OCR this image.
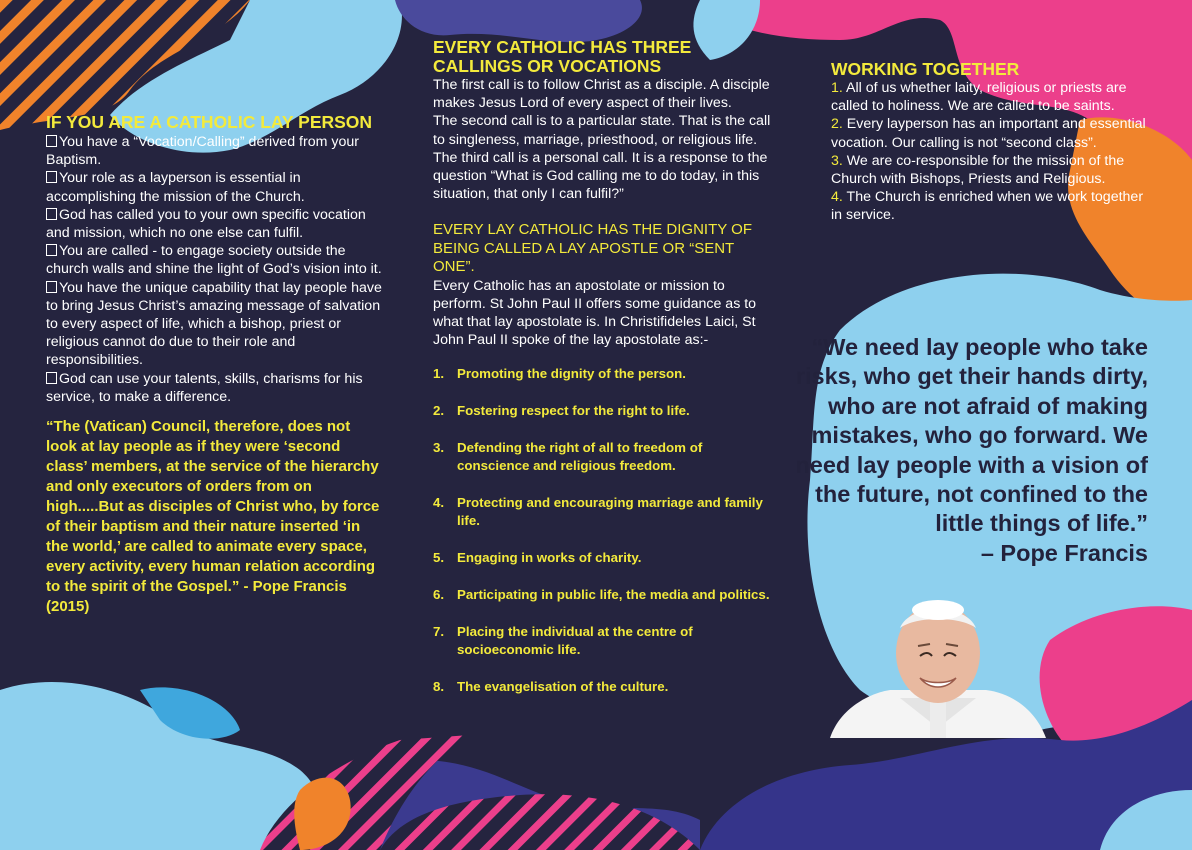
IF YOU ARE A CATHOLIC LAY PERSON
You have a “Vocation/Calling” derived from your Baptism.
Your role as a layperson is essential in accomplishing the mission of the Church.
God has called you to your own specific vocation and mission, which no one else can fulfil.
You are called - to engage society outside the church walls and shine the light of God’s vision into it.
You have the unique capability that lay people have to bring Jesus Christ’s amazing message of salvation to every aspect of life, which a bishop, priest or religious cannot do due to their role and responsibilities.
God can use your talents, skills, charisms for his service, to make a difference.
“The (Vatican) Council, therefore, does not look at lay people as if they were ‘second class’ members, at the service of the hierarchy and only executors of orders from on high.....But as disciples of Christ who, by force of their baptism and their nature inserted ‘in the world,’ are called to animate every space, every activity, every human relation according to the spirit of the Gospel.” - Pope Francis (2015)
EVERY CATHOLIC HAS THREE CALLINGS OR VOCATIONS
The first call is to follow Christ as a disciple. A disciple makes Jesus Lord of every aspect of their lives.
The second call is to a particular state. That is the call to singleness, marriage, priesthood, or religious life.
The third call is a personal call. It is a response to the question “What is God calling me to do today, in this situation, that only I can fulfil?”
EVERY LAY CATHOLIC HAS THE DIGNITY OF BEING CALLED A LAY APOSTLE OR “SENT ONE”.
Every Catholic has an apostolate or mission to perform. St John Paul II offers some guidance as to what that lay apostolate is. In Christifideles Laici, St John Paul II spoke of the lay apostolate as:-
1. Promoting the dignity of the person.
2. Fostering respect for the right to life.
3. Defending the right of all to freedom of conscience and religious freedom.
4. Protecting and encouraging marriage and family life.
5. Engaging in works of charity.
6. Participating in public life, the media and politics.
7. Placing the individual at the centre of socioeconomic life.
8. The evangelisation of the culture.
WORKING TOGETHER

1. All of us whether laity, religious or priests are called to holiness. We are called to be saints.

2. Every layperson has an important and essential vocation. Our calling is not “second class”.

3. We are co-responsible for the mission of the Church with Bishops, Priests and Religious.

4. The Church is enriched when we work together in service.

“We need lay people who take risks, who get their hands dirty, who are not afraid of making mistakes, who go forward. We need lay people with a vision of the future, not confined to the little things of life.”
– Pope Francis
